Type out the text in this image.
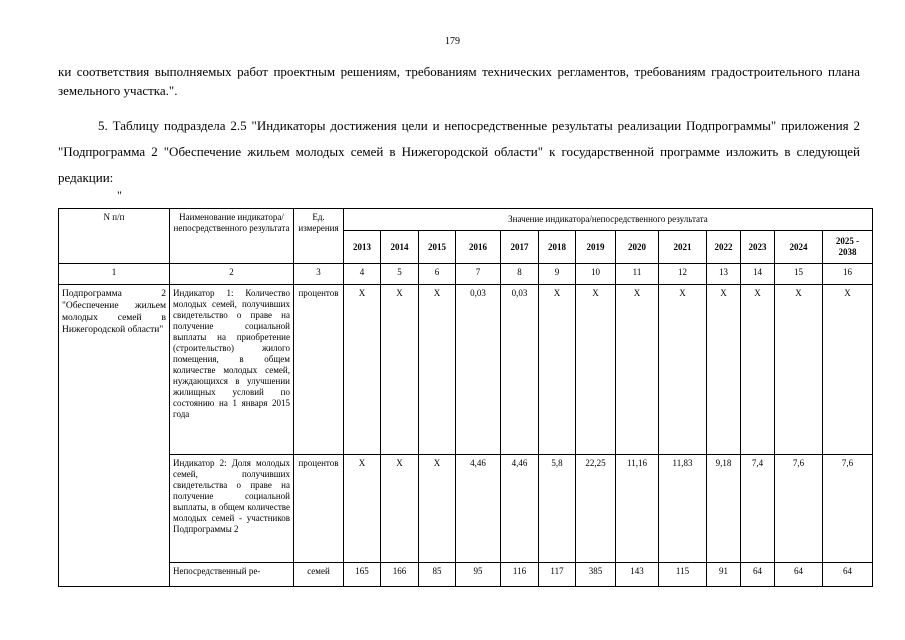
179
ки соответствия выполняемых работ проектным решениям, требованиям технических регламентов, требованиям градостроительного плана земельного участка.".
5. Таблицу подраздела 2.5 "Индикаторы достижения цели и непосредственные результаты реализации Подпрограммы" приложения 2 "Подпрограмма 2 "Обеспечение жильем молодых семей в Нижегородской области" к государственной программе изложить в следующей редакции:
"
N п/п	Наименование индикатора/непосредственного результата	Ед. измерения	Значение индикатора/непосредственного результата												
			2013	2014	2015	2016	2017	2018	2019	2020	2021	2022	2023	2024	2025 - 2038
1	2	3	4	5	6	7	8	9	10	11	12	13	14	15	16
Подпрограмма 2 "Обеспечение жильем молодых семей в Нижегородской области"	Индикатор 1: Количество молодых семей, получивших свидетельство о праве на получение социальной выплаты на приобретение (строительство) жилого помещения, в общем количестве молодых семей, нуждающихся в улучшении жилищных условий по состоянию на 1 января 2015 года	процентов	X	X	X	0,03	0,03	X	X	X	X	X	X	X	X
	Индикатор 2: Доля молодых семей, получивших свидетельства о праве на получение социальной выплаты, в общем количестве молодых семей - участников Подпрограммы 2	процентов	X	X	X	4,46	4,46	5,8	22,25	11,16	11,83	9,18	7,4	7,6	7,6
	Непосредственный ре-	семей	165	166	85	95	116	117	385	143	115	91	64	64	64
